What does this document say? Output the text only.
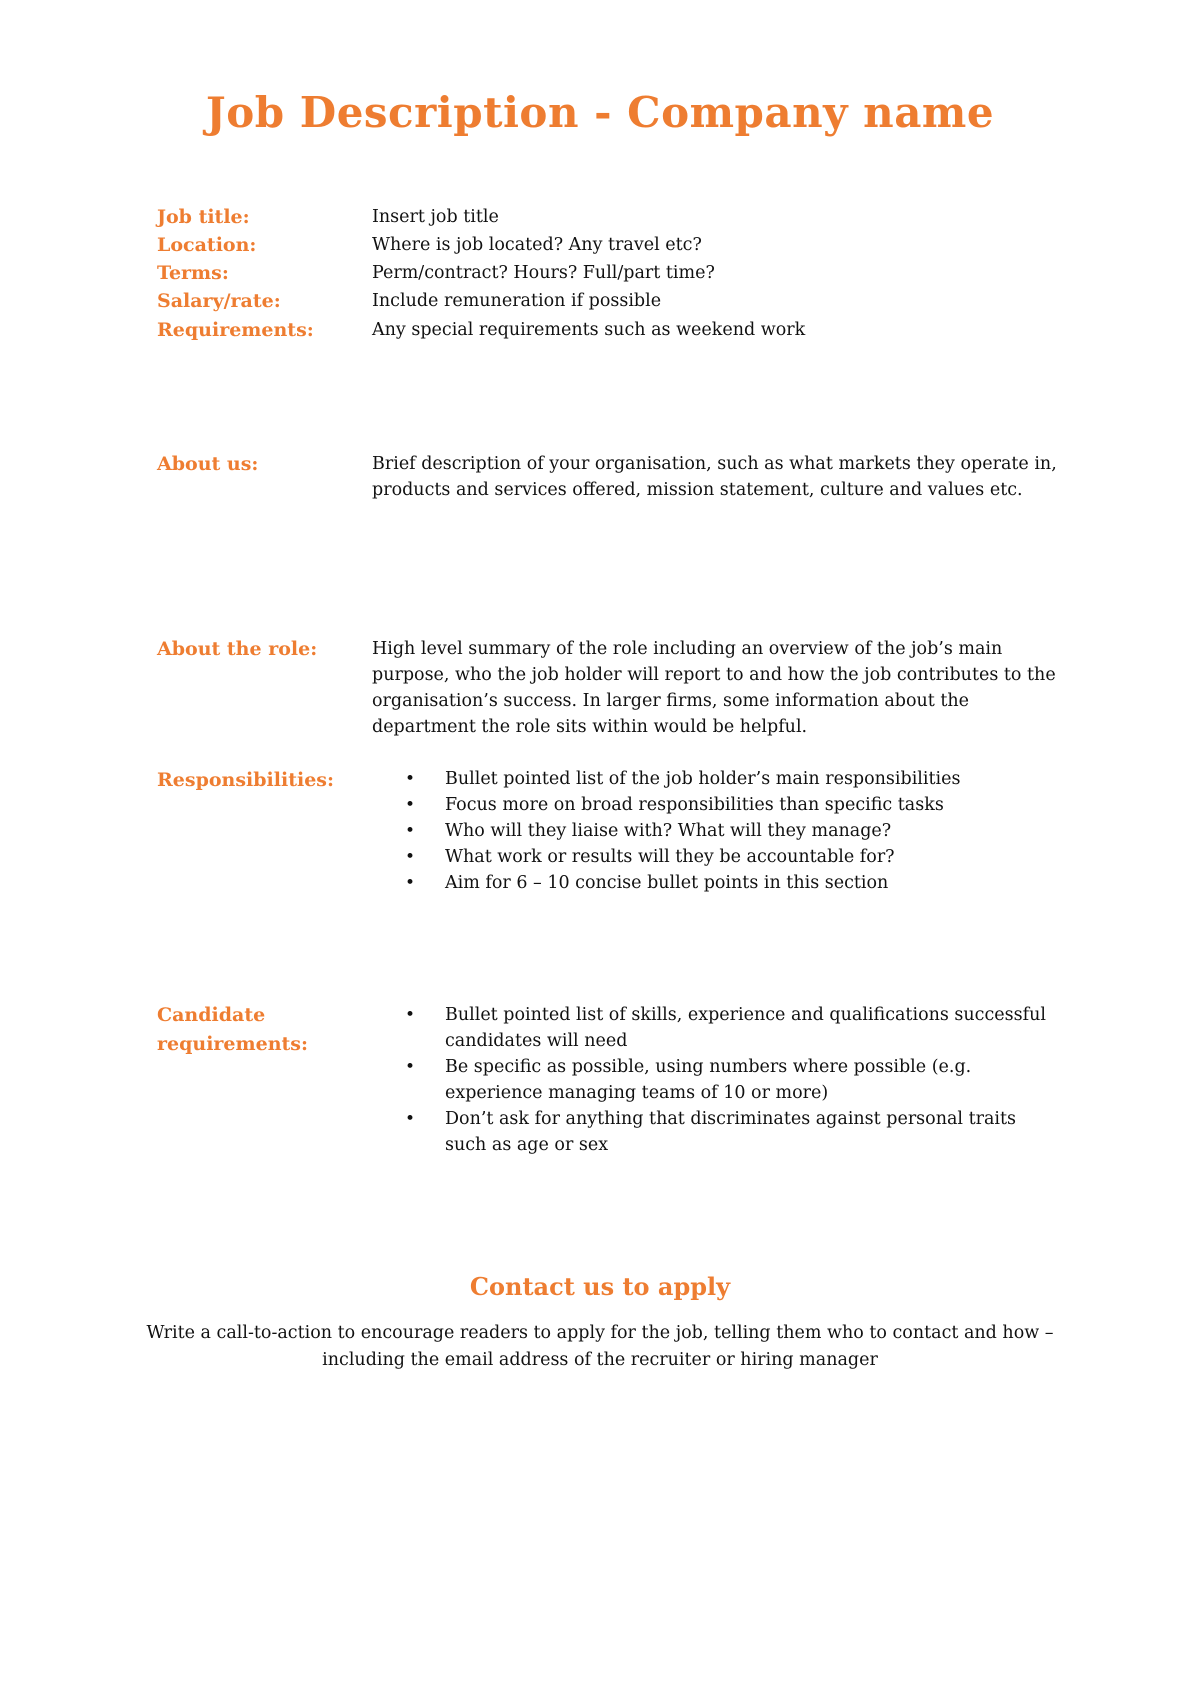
Job Description - Company name
Job title:	Insert job title
Location:	Where is job located? Any travel etc?
Terms:	Perm/contract? Hours? Full/part time?
Salary/rate:	Include remuneration if possible
Requirements:	Any special requirements such as weekend work
About us:	Brief description of your organisation, such as what markets they operate in, products and services offered, mission statement, culture and values etc.
About the role:	High level summary of the role including an overview of the job’s main purpose, who the job holder will report to and how the job contributes to the organisation’s success. In larger firms, some information about the department the role sits within would be helpful.
Responsibilities:	• Bullet pointed list of the job holder’s main responsibilities
• Focus more on broad responsibilities than specific tasks
• Who will they liaise with? What will they manage?
• What work or results will they be accountable for?
• Aim for 6 – 10 concise bullet points in this section
Candidate
requirements:
• Bullet pointed list of skills, experience and qualifications successful candidates will need
• Be specific as possible, using numbers where possible (e.g. experience managing teams of 10 or more)
• Don’t ask for anything that discriminates against personal traits such as age or sex
Contact us to apply
Write a call-to-action to encourage readers to apply for the job, telling them who to contact and how – including the email address of the recruiter or hiring manager
